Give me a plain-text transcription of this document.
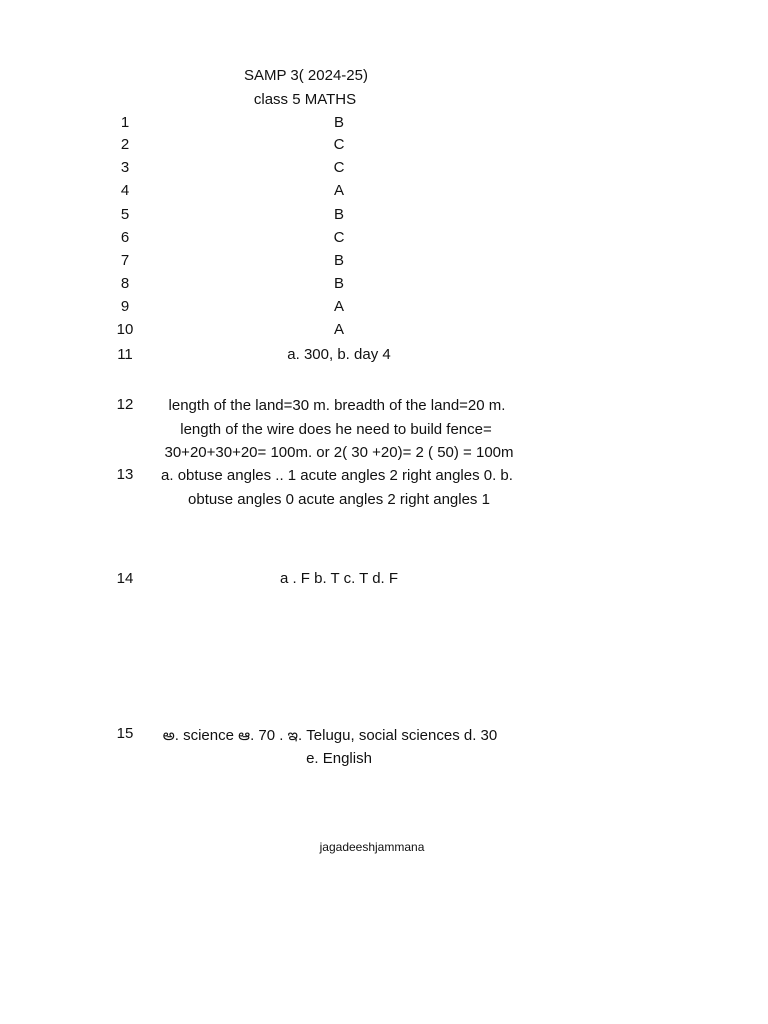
SAMP 3( 2024-25)
class 5 MATHS
1	B
2	C
3	C
4	A
5	B
6	C
7	B
8	B
9	A
10	A
11	a. 300, b. day 4
12	length of the land=30 m. breadth of the land=20 m.
length of the wire does he need to build fence=
30+20+30+20= 100m. or 2( 30 +20)= 2 ( 50) = 100m
13	a. obtuse angles .. 1 acute angles 2 right angles 0. b.
obtuse angles 0 acute angles 2 right angles 1
14	a . F b. T c. T d. F
15	అ. science ఆ. 70 . ఇ. Telugu, social sciences d. 30
e. English
jagadeeshjammana
